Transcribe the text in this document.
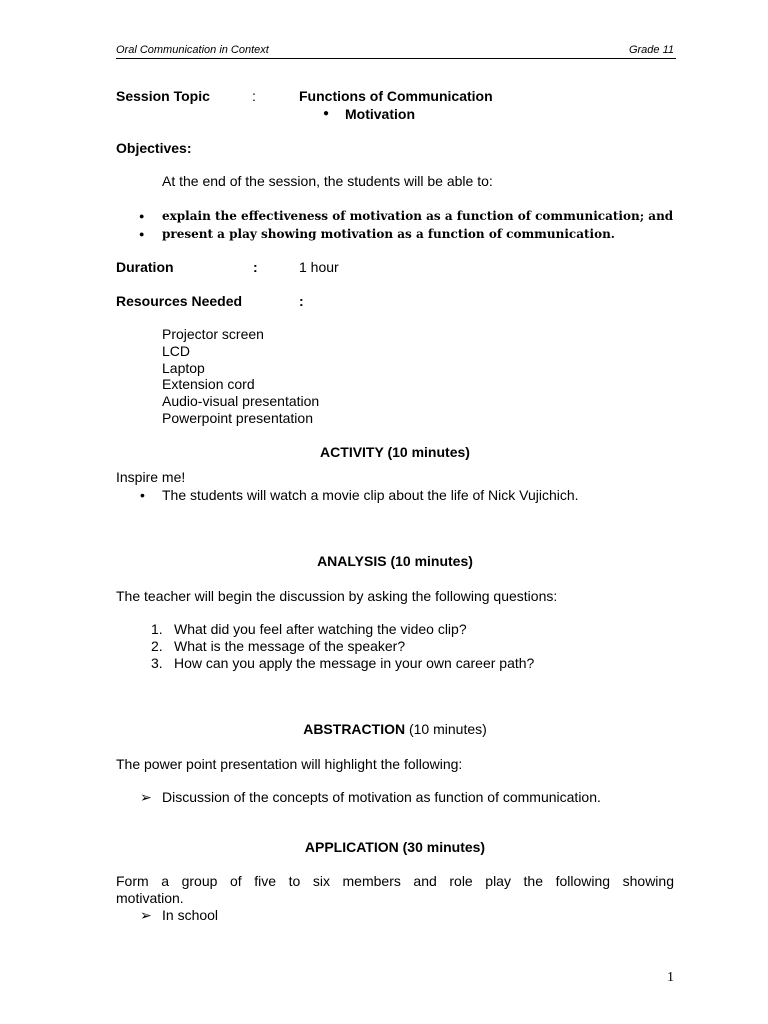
Oral Communication in Context	Grade 11
Session Topic	:	Functions of Communication
● Motivation
Objectives:
At the end of the session, the students will be able to:
● explain the effectiveness of motivation as a function of communication; and
● present a play showing motivation as a function of communication.
Duration	:	1 hour
Resources Needed	:
Projector screen
LCD
Laptop
Extension cord
Audio-visual presentation
Powerpoint presentation
ACTIVITY (10 minutes)
Inspire me!
• The students will watch a movie clip about the life of Nick Vujichich.
ANALYSIS (10 minutes)
The teacher will begin the discussion by asking the following questions:
1. What did you feel after watching the video clip?
2. What is the message of the speaker?
3. How can you apply the message in your own career path?
ABSTRACTION (10 minutes)
The power point presentation will highlight the following:
➢ Discussion of the concepts of motivation as function of communication.
APPLICATION (30 minutes)
Form a group of five to six members and role play the following showing
motivation.
➢ In school
1
